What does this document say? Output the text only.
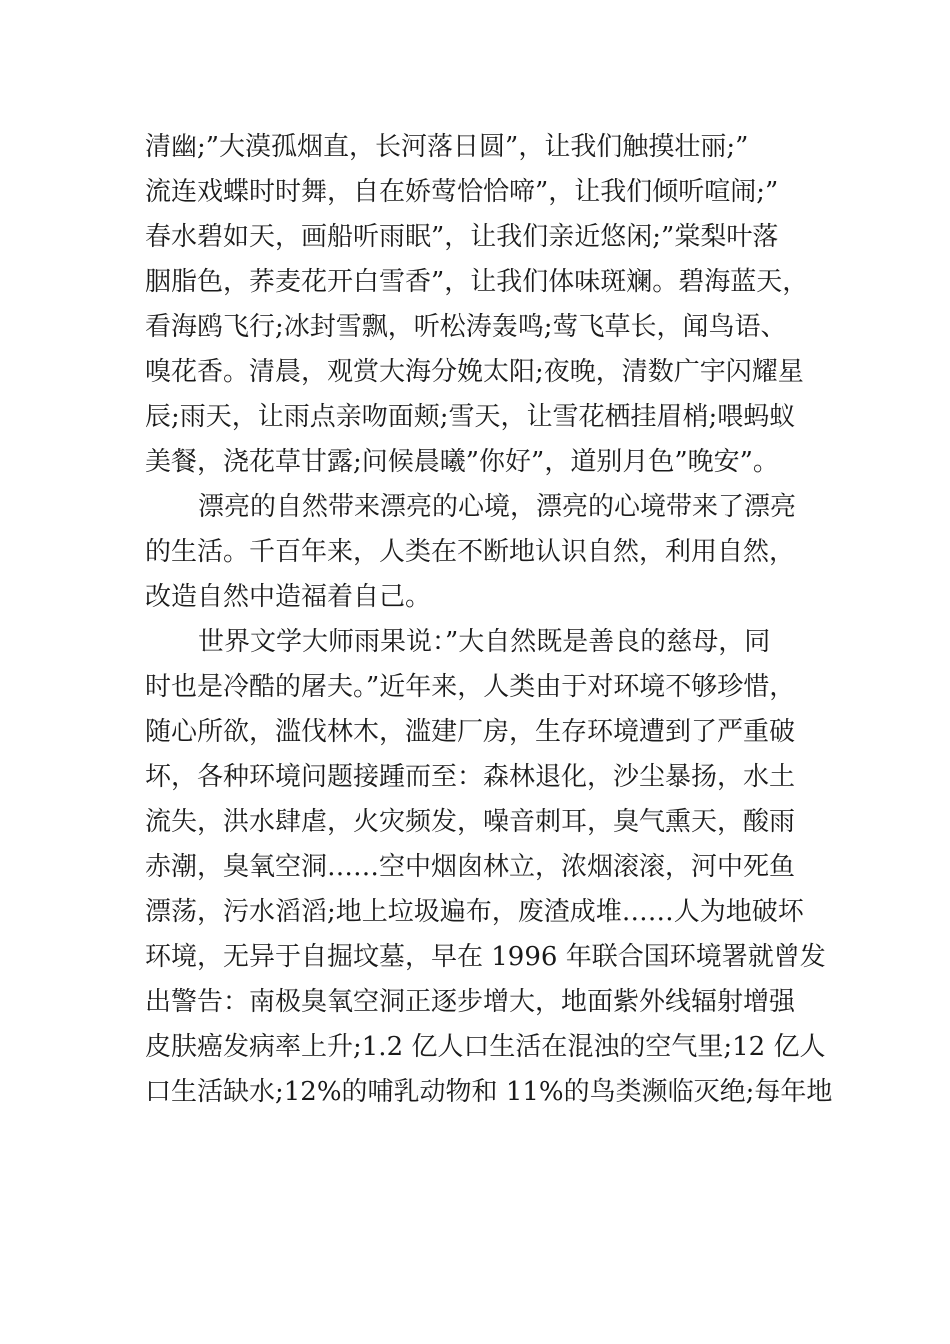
清幽;”大漠孤烟直，长河落日圆”，让我们触摸壮丽;”
流连戏蝶时时舞，自在娇莺恰恰啼”，让我们倾听喧闹;”
春水碧如天，画船听雨眠”，让我们亲近悠闲;”棠梨叶落
胭脂色，荞麦花开白雪香”，让我们体味斑斓。碧海蓝天，
看海鸥飞行;冰封雪飘，听松涛轰鸣;莺飞草长，闻鸟语、
嗅花香。清晨，观赏大海分娩太阳;夜晚，清数广宇闪耀星
辰;雨天，让雨点亲吻面颊;雪天，让雪花栖挂眉梢;喂蚂蚁
美餐，浇花草甘露;问候晨曦”你好”，道别月色”晚安”。
漂亮的自然带来漂亮的心境，漂亮的心境带来了漂亮
的生活。千百年来，人类在不断地认识自然，利用自然，
改造自然中造福着自己。
世界文学大师雨果说：”大自然既是善良的慈母，同
时也是冷酷的屠夫。”近年来，人类由于对环境不够珍惜，
随心所欲，滥伐林木，滥建厂房，生存环境遭到了严重破
坏，各种环境问题接踵而至：森林退化，沙尘暴扬，水土
流失，洪水肆虐，火灾频发，噪音刺耳，臭气熏天，酸雨
赤潮，臭氧空洞……空中烟囱林立，浓烟滚滚，河中死鱼
漂荡，污水滔滔;地上垃圾遍布，废渣成堆……人为地破坏
环境，无异于自掘坟墓，早在 1996 年联合国环境署就曾发
出警告：南极臭氧空洞正逐步增大，地面紫外线辐射增强
皮肤癌发病率上升;1.2 亿人口生活在混浊的空气里;12 亿人
口生活缺水;12%的哺乳动物和 11%的鸟类濒临灭绝;每年地
